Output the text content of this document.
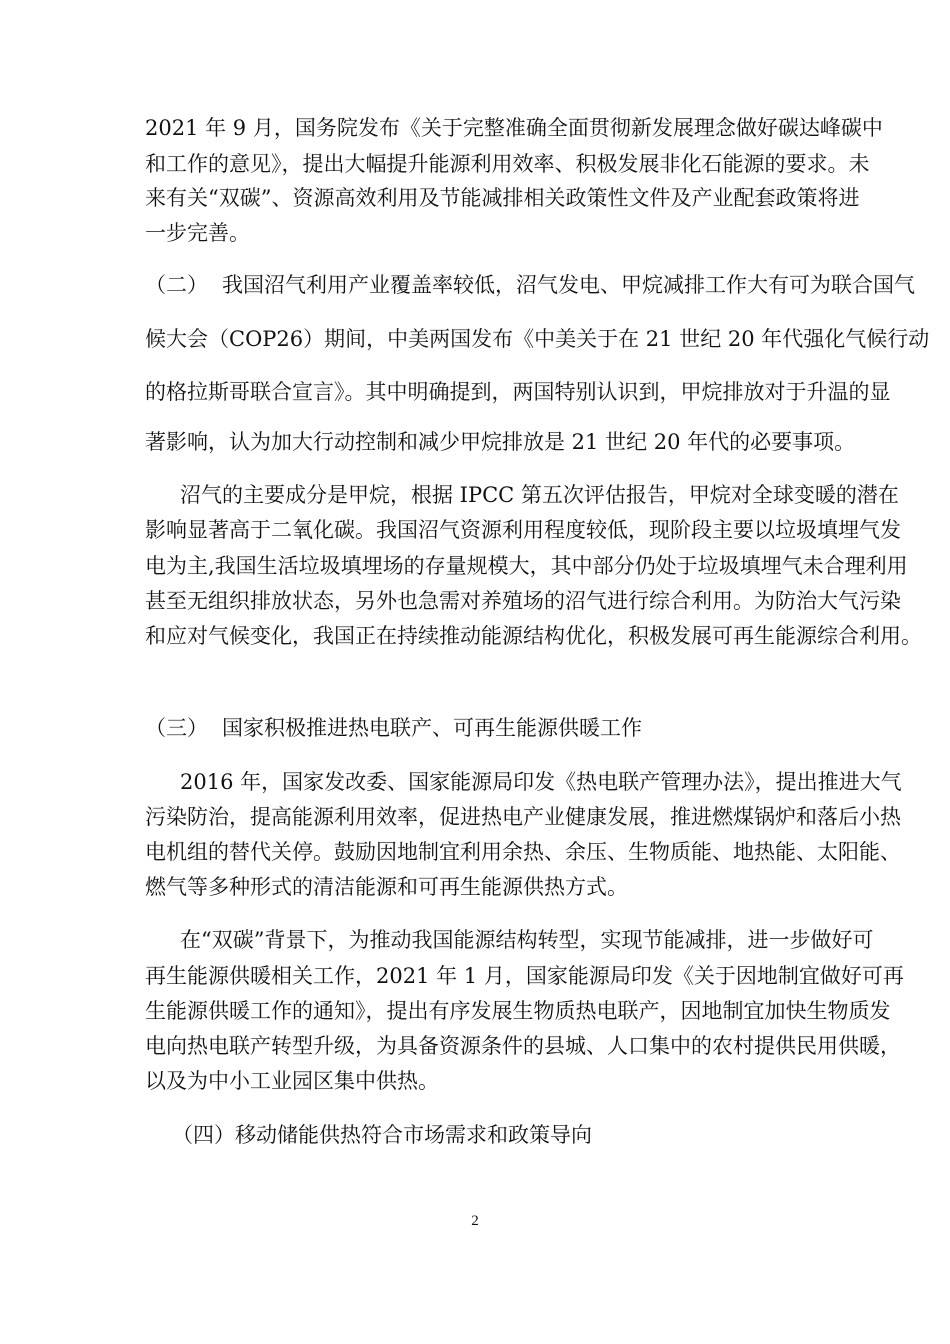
2021 年 9 月，国务院发布《关于完整准确全面贯彻新发展理念做好碳达峰碳中
和工作的意见》，提出大幅提升能源利用效率、积极发展非化石能源的要求。未
来有关“双碳”、资源高效利用及节能减排相关政策性文件及产业配套政策将进
一步完善。
（二） 我国沼气利用产业覆盖率较低，沼气发电、甲烷减排工作大有可为联合国气
候大会（COP26）期间，中美两国发布《中美关于在 21 世纪 20 年代强化气候行动
的格拉斯哥联合宣言》。其中明确提到，两国特别认识到，甲烷排放对于升温的显
著影响，认为加大行动控制和减少甲烷排放是 21 世纪 20 年代的必要事项。
沼气的主要成分是甲烷，根据 IPCC 第五次评估报告，甲烷对全球变暖的潜在
影响显著高于二氧化碳。我国沼气资源利用程度较低，现阶段主要以垃圾填埋气发
电为主,我国生活垃圾填埋场的存量规模大，其中部分仍处于垃圾填埋气未合理利用
甚至无组织排放状态，另外也急需对养殖场的沼气进行综合利用。为防治大气污染
和应对气候变化，我国正在持续推动能源结构优化，积极发展可再生能源综合利用。
（三） 国家积极推进热电联产、可再生能源供暖工作
2016 年，国家发改委、国家能源局印发《热电联产管理办法》，提出推进大气
污染防治，提高能源利用效率，促进热电产业健康发展，推进燃煤锅炉和落后小热
电机组的替代关停。鼓励因地制宜利用余热、余压、生物质能、地热能、太阳能、
燃气等多种形式的清洁能源和可再生能源供热方式。
在“双碳”背景下，为推动我国能源结构转型，实现节能减排，进一步做好可
再生能源供暖相关工作，2021 年 1 月，国家能源局印发《关于因地制宜做好可再
生能源供暖工作的通知》，提出有序发展生物质热电联产，因地制宜加快生物质发
电向热电联产转型升级，为具备资源条件的县城、人口集中的农村提供民用供暖，
以及为中小工业园区集中供热。
（四）移动储能供热符合市场需求和政策导向
2
